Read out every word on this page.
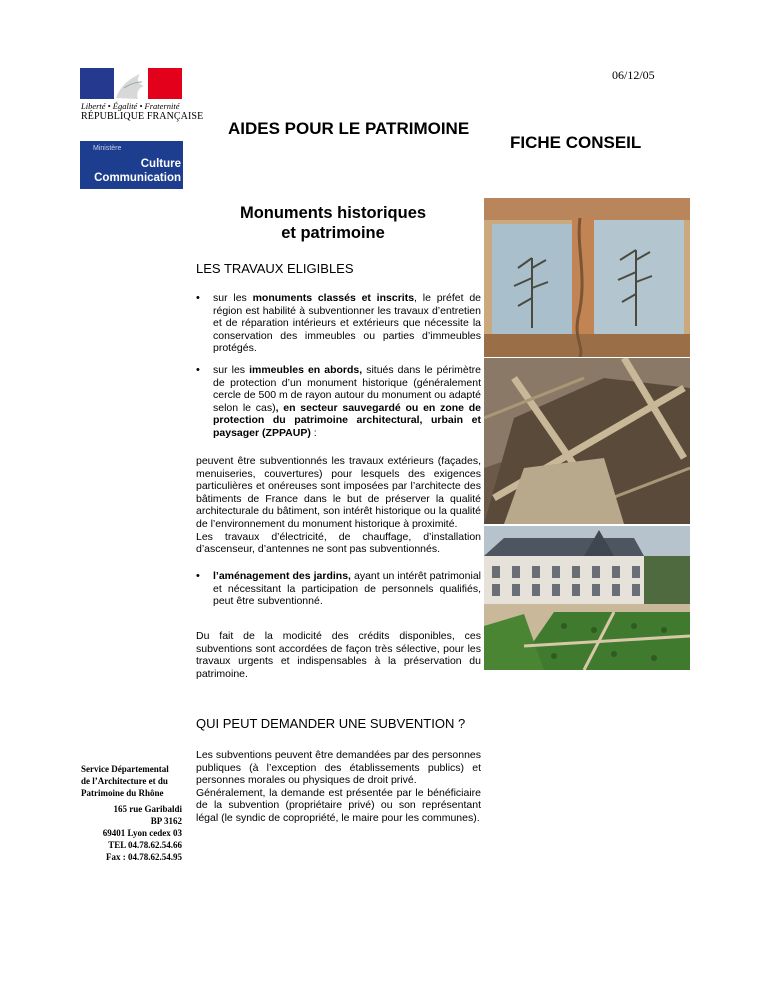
06/12/05
Liberté • Égalité • Fraternité
RÉPUBLIQUE FRANÇAISE
Ministère
Culture
Communication
AIDES POUR LE PATRIMOINE
FICHE CONSEIL
Monuments historiques
et patrimoine
LES TRAVAUX ELIGIBLES
• sur les monuments classés et inscrits, le préfet de région est habilité à subventionner les travaux d’entretien et de réparation intérieurs et extérieurs que nécessite la conservation des immeubles ou parties d’immeubles protégés.
• sur les immeubles en abords, situés dans le périmètre de protection d’un monument historique (généralement cercle de 500 m de rayon autour du monument ou adapté selon le cas), en secteur sauvegardé ou en zone de protection du patrimoine architectural, urbain et paysager (ZPPAUP) :
peuvent être subventionnés les travaux extérieurs (façades, menuiseries, couvertures) pour lesquels des exigences particulières et onéreuses sont imposées par l’architecte des bâtiments de France dans le but de préserver la qualité architecturale du bâtiment, son intérêt historique ou la qualité de l’environnement du monument historique à proximité.
Les travaux d’électricité, de chauffage, d’installation d’ascenseur, d’antennes ne sont pas subventionnés.
• l’aménagement des jardins, ayant un intérêt patrimonial et nécessitant la participation de personnels qualifiés, peut être subventionné.
Du fait de la modicité des crédits disponibles, ces subventions sont accordées de façon très sélective, pour les travaux urgents et indispensables à la préservation du patrimoine.
QUI PEUT DEMANDER UNE SUBVENTION ?
Les subventions peuvent être demandées par des personnes publiques (à l’exception des établissements publics) et personnes morales ou physiques de droit privé.
Généralement, la demande est présentée par le bénéficiaire de la subvention (propriétaire privé) ou son représentant légal (le syndic de copropriété, le maire pour les communes).
Service Départemental
de l’Architecture et du
Patrimoine du Rhône
165 rue Garibaldi
BP 3162
69401 Lyon cedex 03
TEL 04.78.62.54.66
Fax : 04.78.62.54.95
